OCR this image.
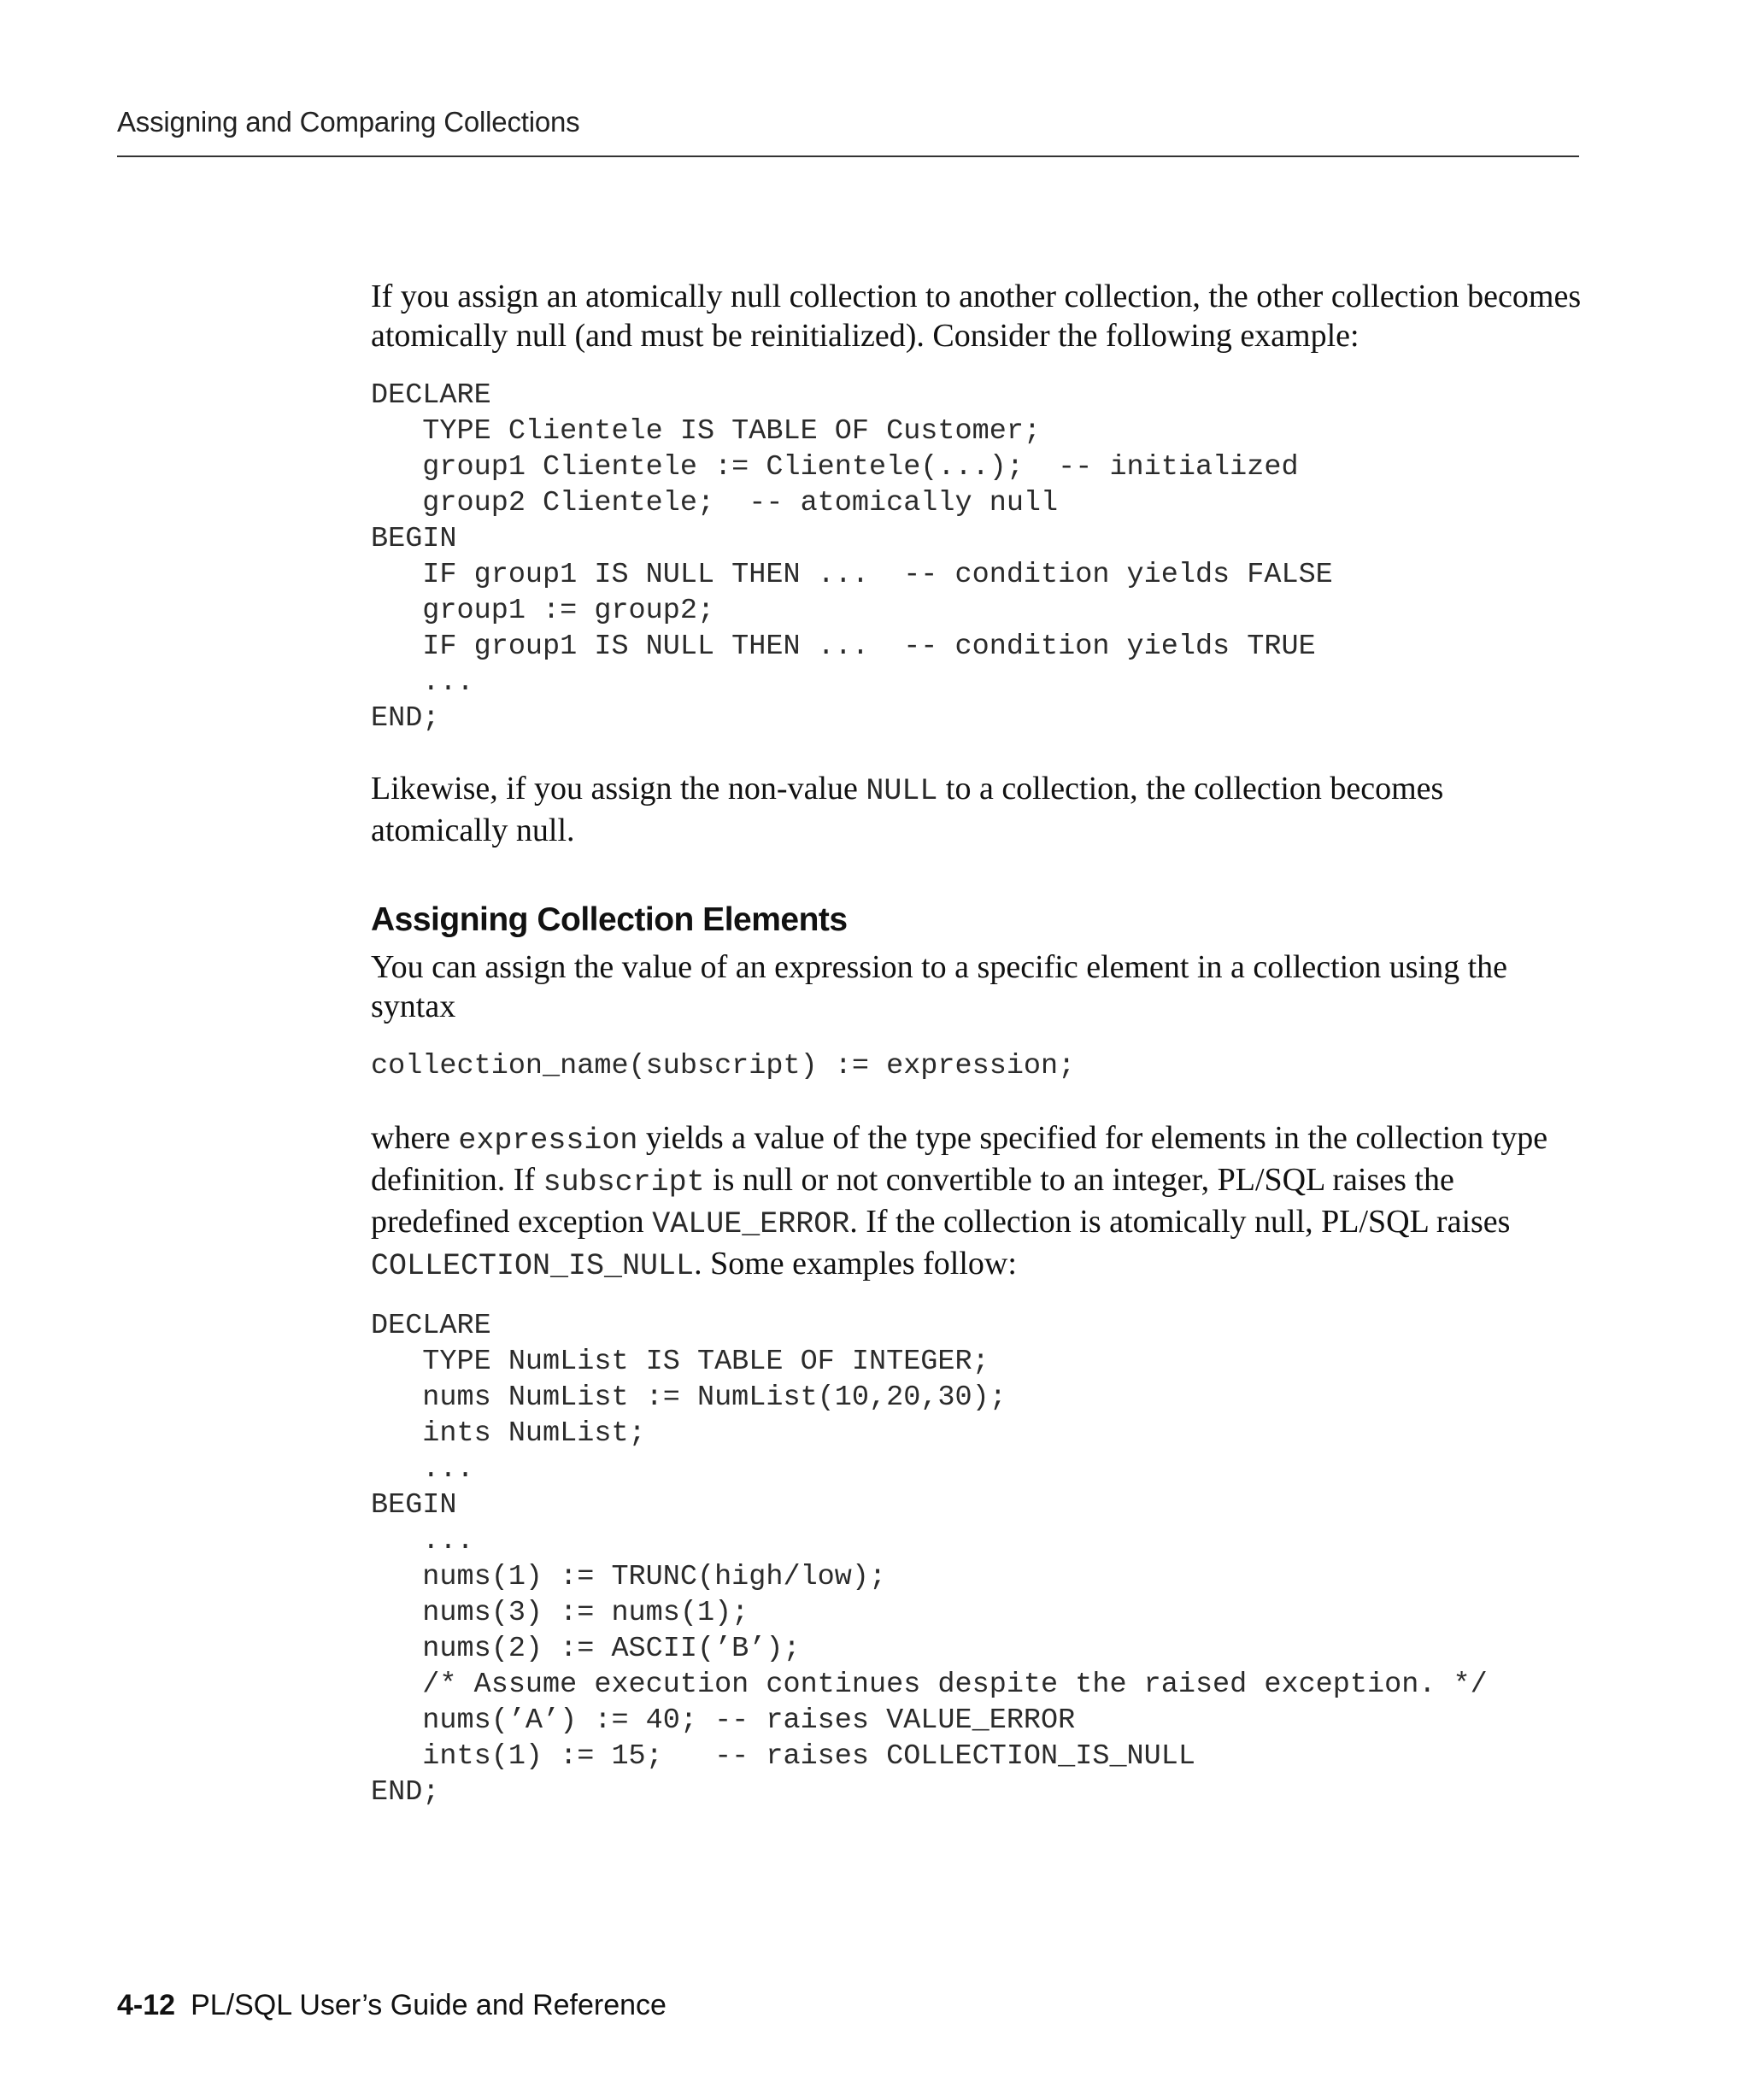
Assigning and Comparing Collections

If you assign an atomically null collection to another collection, the other collection becomes atomically null (and must be reinitialized). Consider the following example:

DECLARE
TYPE Clientele IS TABLE OF Customer;
group1 Clientele := Clientele(...);  -- initialized
group2 Clientele;  -- atomically null
BEGIN
IF group1 IS NULL THEN ...  -- condition yields FALSE
group1 := group2;
IF group1 IS NULL THEN ...  -- condition yields TRUE
...
END;

Likewise, if you assign the non-value NULL to a collection, the collection becomes atomically null.

Assigning Collection Elements

You can assign the value of an expression to a specific element in a collection using the syntax

collection_name(subscript) := expression;

where expression yields a value of the type specified for elements in the collection type definition. If subscript is null or not convertible to an integer, PL/SQL raises the predefined exception VALUE_ERROR. If the collection is atomically null, PL/SQL raises COLLECTION_IS_NULL. Some examples follow:

DECLARE
TYPE NumList IS TABLE OF INTEGER;
nums NumList := NumList(10,20,30);
ints NumList;
...
BEGIN
...
nums(1) := TRUNC(high/low);
nums(3) := nums(1);
nums(2) := ASCII(’B’);
/* Assume execution continues despite the raised exception. */
nums(’A’) := 40; -- raises VALUE_ERROR
ints(1) := 15;   -- raises COLLECTION_IS_NULL
END;
4-12 PL/SQL User’s Guide and Reference
